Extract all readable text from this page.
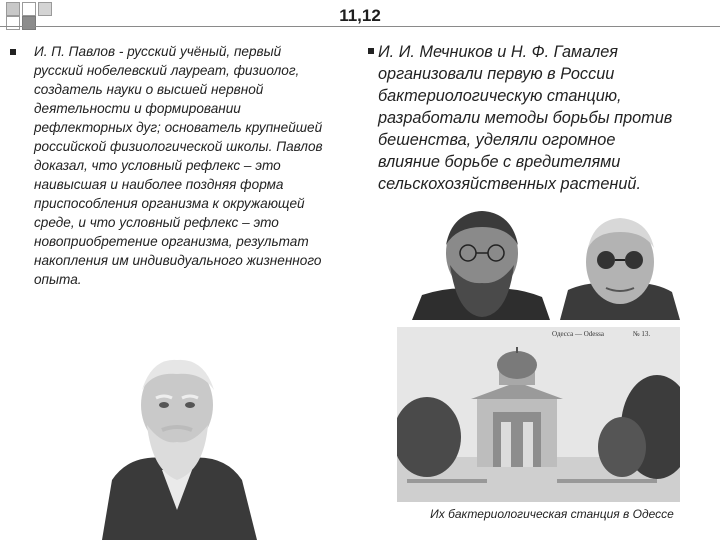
11,12
И. П. Павлов - русский учёный, первый русский нобелевский лауреат, физиолог, создатель науки о высшей нервной деятельности и формировании рефлекторных дуг; основатель крупнейшей российской физиологической школы. Павлов доказал, что условный рефлекс – это наивысшая и наиболее поздняя форма приспособления организма к окружающей среде, и что условный рефлекс – это новоприобретение организма, результат накопления им индивидуального жизненного опыта.
И. И. Мечников и Н. Ф. Гамалея организовали первую в России бактериологическую станцию, разработали методы борьбы против бешенства, уделяли огромное влияние борьбе с вредителями сельскохозяйственных растений.
Одесса — Odessa	№ 13.
Их бактериологическая станция в Одессе
